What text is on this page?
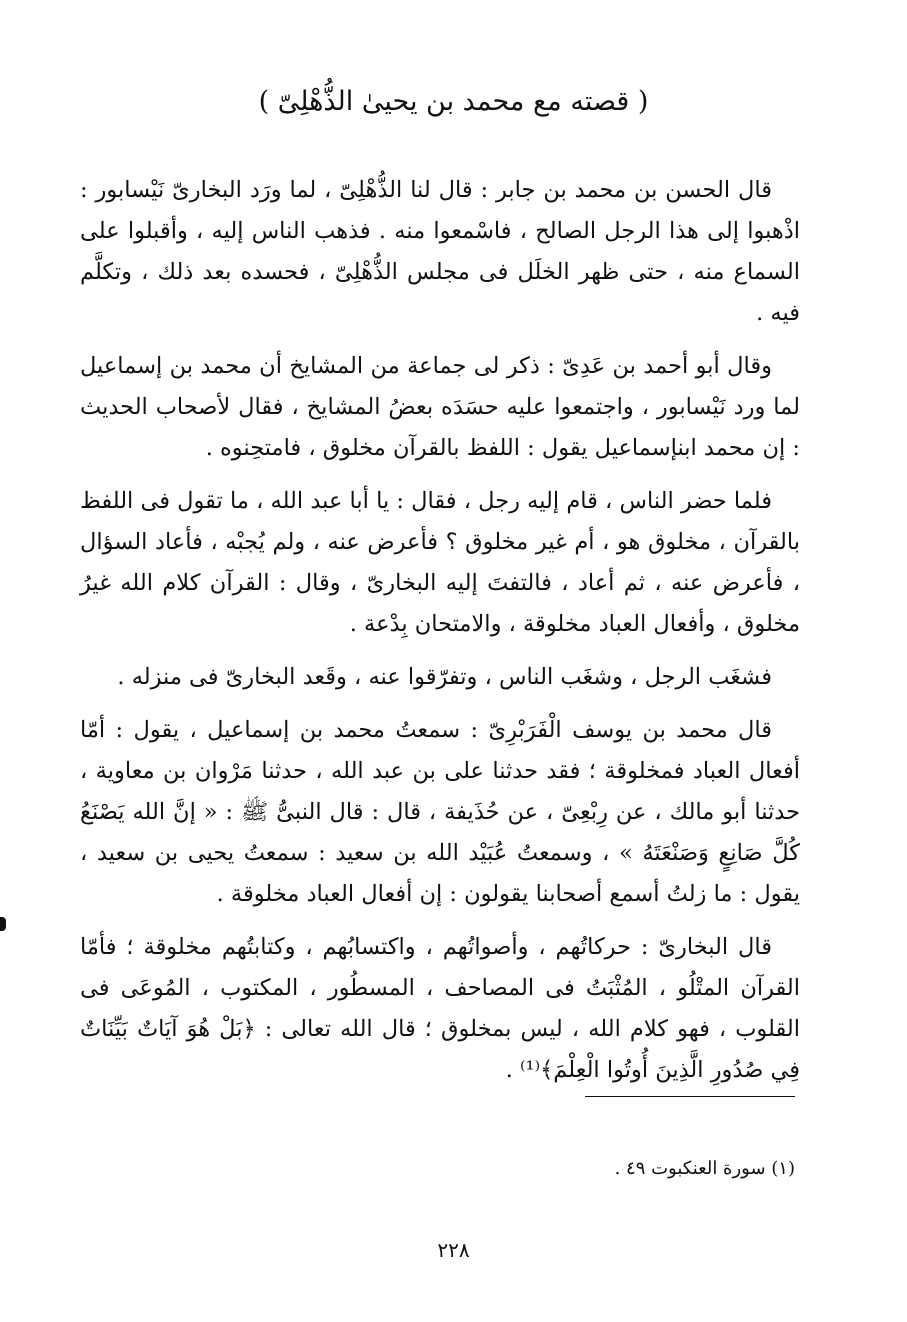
( قصته مع محمد بن يحيىٰ الذُّهْلِىّ )

قال الحسن بن محمد بن جابر : قال لنا الذُّهْلِىّ ، لما ورَد البخارىّ نَيْسابور : اذْهبوا إلى هذا الرجل الصالح ، فاسْمعوا منه . فذهب الناس إليه ، وأقبلوا على السماع منه ، حتى ظهر الخلَل فى مجلس الذُّهْلِىّ ، فحسده بعد ذلك ، وتكلَّم فيه .

وقال أبو أحمد بن عَدِىّ : ذكر لى جماعة من المشايخ أن محمد بن إسماعيل لما ورد نَيْسابور ، واجتمعوا عليه حسَدَه بعضُ المشايخ ، فقال لأصحاب الحديث : إن محمد ابنإسماعيل يقول : اللفظ بالقرآن مخلوق ، فامتحِنوه .

فلما حضر الناس ، قام إليه رجل ، فقال : يا أبا عبد الله ، ما تقول فى اللفظ بالقرآن ، مخلوق هو ، أم غير مخلوق ؟ فأعرض عنه ، ولم يُجبْه ، فأعاد السؤال ، فأعرض عنه ، ثم أعاد ، فالتفتَ إليه البخارىّ ، وقال : القرآن كلام الله غيرُ مخلوق ، وأفعال العباد مخلوقة ، والامتحان بِدْعة .

فشغَب الرجل ، وشغَب الناس ، وتفرّقوا عنه ، وقَعد البخارىّ فى منزله .

قال محمد بن يوسف الْفَرَبْرِىّ : سمعتُ محمد بن إسماعيل ، يقول : أمّا أفعال العباد فمخلوقة ؛ فقد حدثنا على بن عبد الله ، حدثنا مَرْوان بن معاوية ، حدثنا أبو مالك ، عن رِبْعِىّ ، عن حُذَيفة ، قال : قال النبىُّ ﷺ : « إنَّ الله يَصْنَعُ كُلَّ صَانِعٍ وَصَنْعَتَهُ » ، وسمعتُ عُبَيْد الله بن سعيد : سمعتُ يحيى بن سعيد ، يقول : ما زلتُ أسمع أصحابنا يقولون : إن أفعال العباد مخلوقة .

قال البخارىّ : حركاتُهم ، وأصواتُهم ، واكتسابُهم ، وكتابتُهم مخلوقة ؛ فأمّا القرآن المتْلُو ، المُثْبَتُ فى المصاحف ، المسطُور ، المكتوب ، المُوعَى فى القلوب ، فهو كلام الله ، ليس بمخلوق ؛ قال الله تعالى : ﴿بَلْ هُوَ آيَاتٌ بَيِّنَاتٌ فِي صُدُورِ الَّذِينَ أُوتُوا الْعِلْمَ﴾⁽¹⁾ .

(١) سورة العنكبوت ٤٩ .
٢٢٨
